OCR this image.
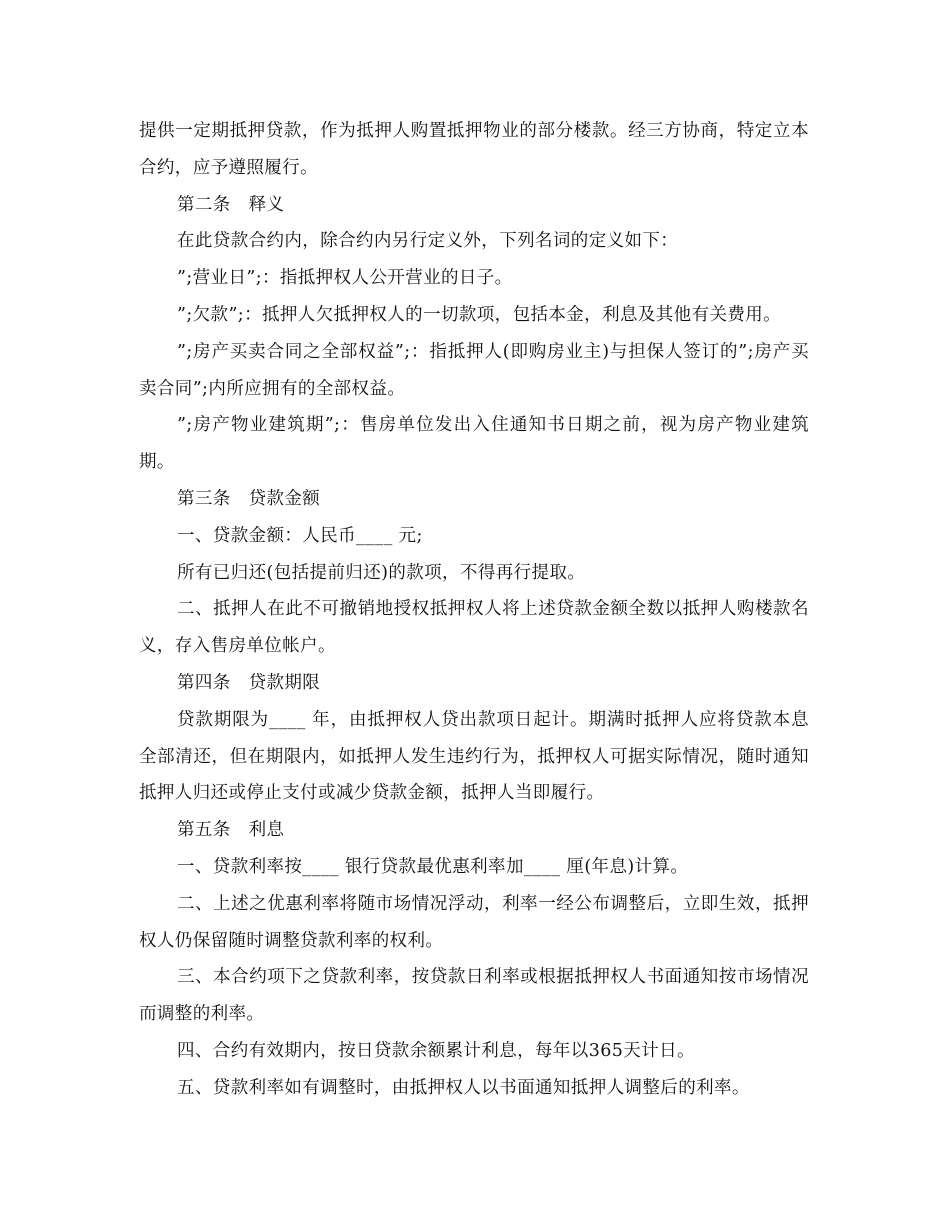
提供一定期抵押贷款，作为抵押人购置抵押物业的部分楼款。经三方协商，特定立本合约，应予遵照履行。

第二条　释义

在此贷款合约内，除合约内另行定义外，下列名词的定义如下：

”;营业日”;：指抵押权人公开营业的日子。

”;欠款”;：抵押人欠抵押权人的一切款项，包括本金，利息及其他有关费用。

”;房产买卖合同之全部权益”;：指抵押人(即购房业主)与担保人签订的”;房产买卖合同”;内所应拥有的全部权益。

”;房产物业建筑期”;：售房单位发出入住通知书日期之前，视为房产物业建筑期。

第三条　贷款金额

一、贷款金额：人民币____ 元;

所有已归还(包括提前归还)的款项，不得再行提取。

二、抵押人在此不可撤销地授权抵押权人将上述贷款金额全数以抵押人购楼款名义，存入售房单位帐户。

第四条　贷款期限

贷款期限为____ 年，由抵押权人贷出款项日起计。期满时抵押人应将贷款本息全部清还，但在期限内，如抵押人发生违约行为，抵押权人可据实际情况，随时通知抵押人归还或停止支付或减少贷款金额，抵押人当即履行。

第五条　利息

一、贷款利率按____ 银行贷款最优惠利率加____ 厘(年息)计算。

二、上述之优惠利率将随市场情况浮动，利率一经公布调整后，立即生效，抵押权人仍保留随时调整贷款利率的权利。

三、本合约项下之贷款利率，按贷款日利率或根据抵押权人书面通知按市场情况而调整的利率。

四、合约有效期内，按日贷款余额累计利息，每年以365天计日。

五、贷款利率如有调整时，由抵押权人以书面通知抵押人调整后的利率。
